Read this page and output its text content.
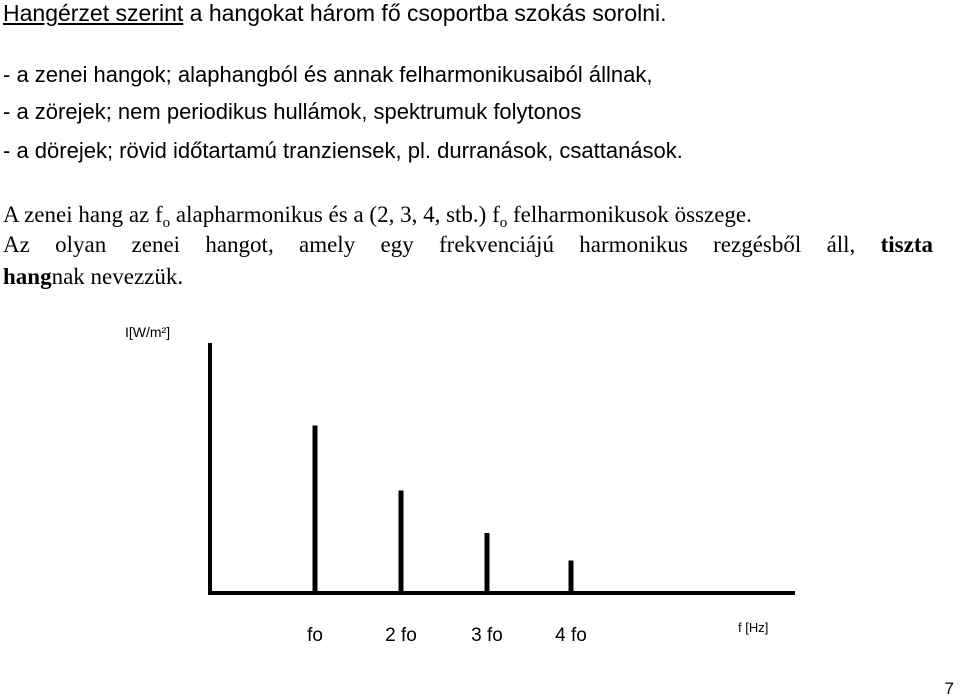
Hangérzet szerint a hangokat három fő csoportba szokás sorolni.
- a zenei hangok; alaphangból és annak felharmonikusaiból állnak,
- a zörejek; nem periodikus hullámok, spektrumuk folytonos
- a dörejek; rövid időtartamú tranziensek, pl. durranások, csattanások.
A zenei hang az $f_o$ alapharmonikus és a (2, 3, 4, stb.) $f_o$ felharmonikusok összege.
Az olyan zenei hangot, amely egy frekvenciájú harmonikus rezgésből áll, tiszta
hangnak nevezzük.
I[W/m²]
f [Hz]
fo	2 fo	3 fo	4 fo
7
